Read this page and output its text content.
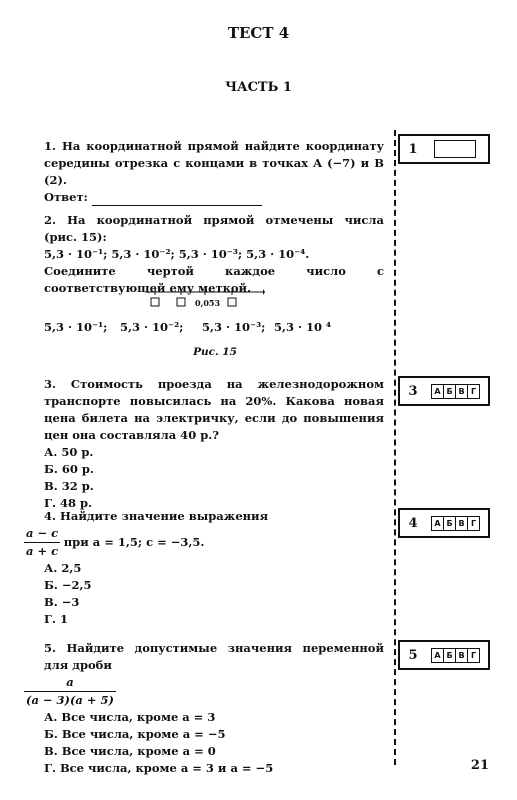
ТЕСТ 4
ЧАСТЬ 1
1. На координатной прямой найдите координату середины отрезка с концами в точках A (−7) и B (2).
Ответ:
1
2. На координатной прямой отмечены числа (рис. 15):
5,3 · 10⁻¹; 5,3 · 10⁻²; 5,3 · 10⁻³; 5,3 · 10⁻⁴.
Соедините чертой каждое число с соответствующей ему меткой.
0,053
5,3 · 10⁻¹; 5,3 · 10⁻²; 5,3 · 10⁻³; 5,3 · 10 ⁴
Рис. 15
3. Стоимость проезда на железнодорожном транспорте повысилась на 20%. Какова новая цена билета на электричку, если до повышения цен она составляла 40 р.?
А. 50 р.
Б. 60 р.
В. 32 р.
Г. 48 р.
3	А Б В Г
4. Найдите значение выражения
$\frac{a - c}{a + c}$ при a = 1,5; c = −3,5.
А. 2,5
Б. −2,5
В. −3
Г. 1
4	А Б В Г
5. Найдите допустимые значения переменной для дроби
$\frac{a}{(a - 3)(a + 5)}$
А. Все числа, кроме a = 3
Б. Все числа, кроме a = −5
В. Все числа, кроме a = 0
Г. Все числа, кроме a = 3 и a = −5
5	А Б В Г
21
